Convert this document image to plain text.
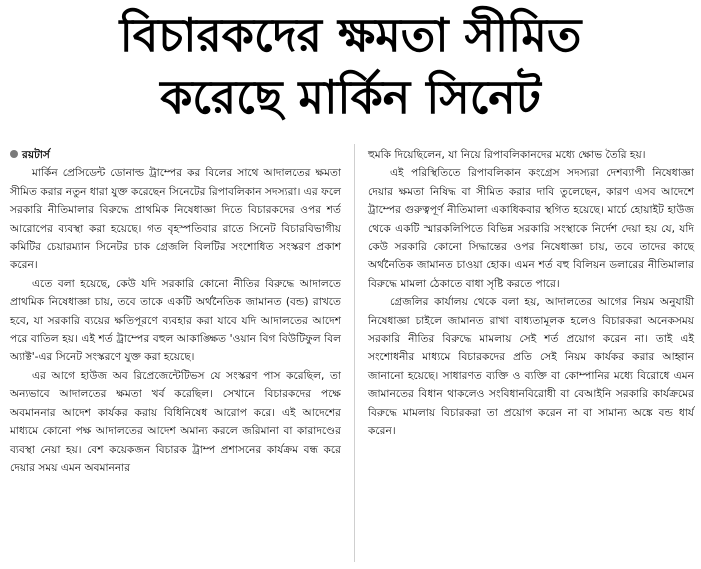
বিচারকদের ক্ষমতা সীমিত
করেছে মার্কিন সিনেট

রয়টার্স

মার্কিন প্রেসিডেন্ট ডোনাল্ড ট্রাম্পের কর বিলের সাথে আদালতের ক্ষমতা সীমিত করার নতুন ধারা যুক্ত করেছেন সিনেটের রিপাবলিকান সদস্যরা। এর ফলে সরকারি নীতিমালার বিরুদ্ধে প্রাথমিক নিষেধাজ্ঞা দিতে বিচারকদের ওপর শর্ত আরোপের ব্যবস্থা করা হয়েছে। গত বৃহস্পতিবার রাতে সিনেট বিচারবিভাগীয় কমিটির চেয়ারম্যান সিনেটর চাক গ্রেজলি বিলটির সংশোধিত সংস্করণ প্রকাশ করেন।

এতে বলা হয়েছে, কেউ যদি সরকারি কোনো নীতির বিরুদ্ধে আদালতে প্রাথমিক নিষেধাজ্ঞা চায়, তবে তাকে একটি অর্থনৈতিক জামানত (বন্ড) রাখতে হবে, যা সরকারি ব্যয়ের ক্ষতিপূরণে ব্যবহার করা যাবে যদি আদালতের আদেশ পরে বাতিল হয়। এই শর্ত ট্রাম্পের বহুল আকাঙ্ক্ষিত 'ওয়ান বিগ বিউটিফুল বিল অ্যাক্ট'-এর সিনেট সংস্করণে যুক্ত করা হয়েছে।

এর আগে হাউজ অব রিপ্রেজেন্টেটিভস যে সংস্করণ পাস করেছিল, তা অন্যভাবে আদালতের ক্ষমতা খর্ব করেছিল। সেখানে বিচারকদের পক্ষে অবমাননার আদেশ কার্যকর করায় বিধিনিষেধ আরোপ করে। এই আদেশের মাধ্যমে কোনো পক্ষ আদালতের আদেশ অমান্য করলে জরিমানা বা কারাদণ্ডের ব্যবস্থা নেয়া হয়। বেশ কয়েকজন বিচারক ট্রাম্প প্রশাসনের কার্যক্রম বন্ধ করে দেয়ার সময় এমন অবমাননার

হুমকি দিয়েছিলেন, যা নিয়ে রিপাবলিকানদের মধ্যে ক্ষোভ তৈরি হয়।

এই পরিস্থিতিতে রিপাবলিকান কংগ্রেস সদস্যরা দেশব্যাপী নিষেধাজ্ঞা দেয়ার ক্ষমতা নিষিদ্ধ বা সীমিত করার দাবি তুলেছেন, কারণ এসব আদেশে ট্রাম্পের গুরুত্বপূর্ণ নীতিমালা একাধিকবার স্থগিত হয়েছে। মার্চে হোয়াইট হাউজ থেকে একটি স্মারকলিপিতে বিভিন্ন সরকারি সংস্থাকে নির্দেশ দেয়া হয় যে, যদি কেউ সরকারি কোনো সিদ্ধান্তের ওপর নিষেধাজ্ঞা চায়, তবে তাদের কাছে অর্থনৈতিক জামানত চাওয়া হোক। এমন শর্ত বহু বিলিয়ন ডলারের নীতিমালার বিরুদ্ধে মামলা ঠেকাতে বাধা সৃষ্টি করতে পারে।

গ্রেজলির কার্যালয় থেকে বলা হয়, আদালতের আগের নিয়ম অনুযায়ী নিষেধাজ্ঞা চাইলে জামানত রাখা বাধ্যতামূলক হলেও বিচারকরা অনেকসময় সরকারি নীতির বিরুদ্ধে মামলায় সেই শর্ত প্রয়োগ করেন না। তাই এই সংশোধনীর মাধ্যমে বিচারকদের প্রতি সেই নিয়ম কার্যকর করার আহ্বান জানানো হয়েছে। সাধারণত ব্যক্তি ও ব্যক্তি বা কোম্পানির মধ্যে বিরোধে এমন জামানতের বিধান থাকলেও সংবিধানবিরোধী বা বেআইনি সরকারি কার্যক্রমের বিরুদ্ধে মামলায় বিচারকরা তা প্রয়োগ করেন না বা সামান্য অঙ্কে বন্ড ধার্য করেন।
